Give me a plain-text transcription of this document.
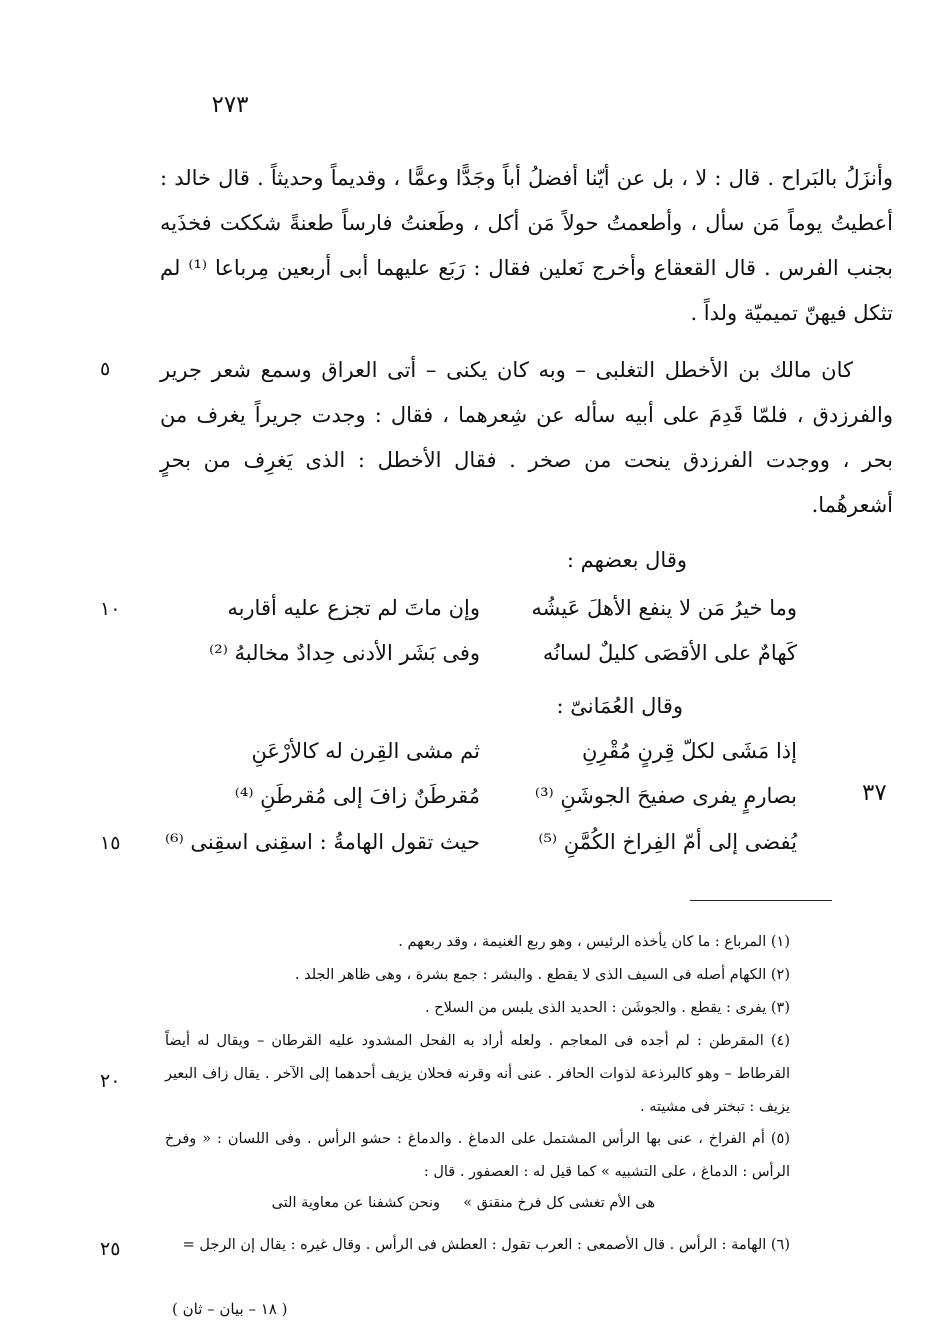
٢٧٣

وأنزَلُ بالبَراح . قال : لا ، بل عن أيّنا أفضلُ أباً وجَدًّا وعمًّا ، وقديماً وحديثاً . قال خالد : أعطيتُ يوماً مَن سأل ، وأطعمتُ حولاً مَن أكل ، وطَعنتُ فارساً طعنةً شككت فخذَيه بجنب الفرس . قال القعقاع وأخرج نَعلين فقال : رَبَع عليهما أبى أربعين مِرباعا ⁽¹⁾ لم تثكل فيهنّ تميميّة ولداً .

كان مالك بن الأخطل التغلبى – وبه كان يكنى – أتى العراق وسمع شعر جرير والفرزدق ، فلمّا قَدِمَ على أبيه سأله عن شِعرهما ، فقال : وجدت جريراً يغرف من بحر ، ووجدت الفرزدق ينحت من صخر . فقال الأخطل : الذى يَغرِف من بحرٍ أشعرهُما.

وقال بعضهم :
وما خيرُ مَن لا ينفع الأهلَ عَيشُه
وإن ماتَ لم تجزع عليه أقاربه
كَهامٌ على الأقصَى كليلٌ لسانُه
وفى بَشَر الأدنى حِدادٌ مخالبهُ ⁽²⁾
وقال العُمَانىّ :
إذا مَشَى لكلّ قِرنٍ مُقْرِنِ
ثم مشى القِرن له كالأرْعَنِ
بصارمٍ يفرى صفيحَ الجوشَنِ ⁽³⁾
مُقرطَنٌ زافَ إلى مُقرطَنِ ⁽⁴⁾
يُفضى إلى أمّ الفِراخ الكُمَّنِ ⁽⁵⁾
حيث تقول الهامةُ : اسقِنى اسقِنى ⁽⁶⁾
٥
١٠
١٥
٢٠
٢٥
٣٧

(١) المرباع : ما كان يأخذه الرئيس ، وهو ربع الغنيمة ، وقد ربعهم .

(٢) الكهام أصله فى السيف الذى لا يقطع . والبشر : جمع بشرة ، وهى ظاهر الجلد .

(٣) يفرى : يقطع . والجوشَن : الحديد الذى يلبس من السلاح .

(٤) المقرطن : لم أجده فى المعاجم . ولعله أراد به الفحل المشدود عليه القرطان – ويقال له أيضاً القرطاط – وهو كالبرذعة لذوات الحافر . عنى أنه وقرنه فحلان يزيف أحدهما إلى الآخر . يقال زاف البعير يزيف : تبختر فى مشيته .

(٥) أم الفراخ ، عنى بها الرأس المشتمل على الدماغ . والدماغ : حشو الرأس . وفى اللسان : « وفرخ الرأس : الدماغ ، على التشبيه » كما قيل له : العصفور . قال :

ونحن كشفنا عن معاوية التى هى الأم تغشى كل فرخ منقنق »

(٦) الهامة : الرأس . قال الأصمعى : العرب تقول : العطش فى الرأس . وقال غيره : يقال إن الرجل =

( ١٨ – بيان – ثان )
